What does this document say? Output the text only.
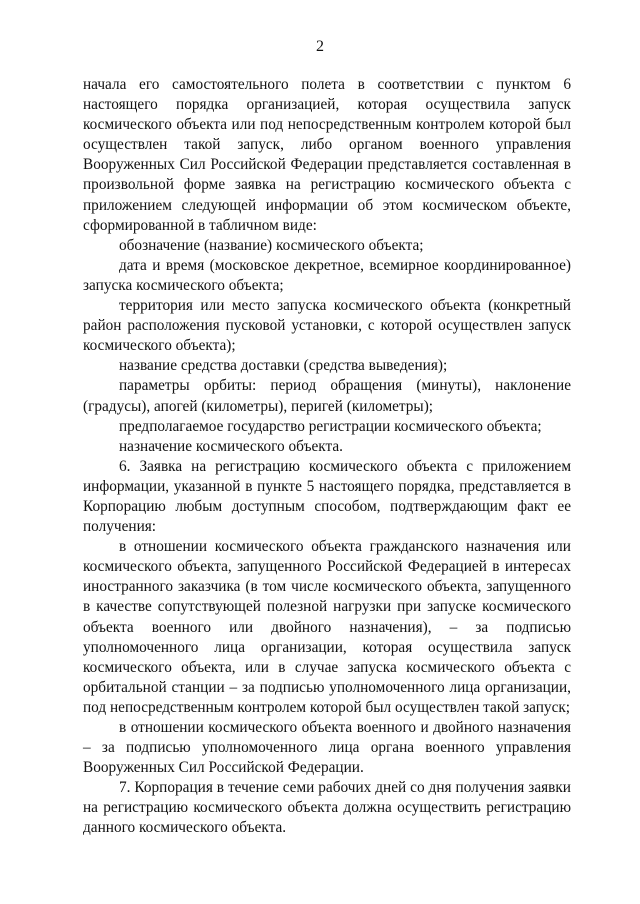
2

начала его самостоятельного полета в соответствии с пунктом 6 настоящего порядка организацией, которая осуществила запуск космического объекта или под непосредственным контролем которой был осуществлен такой запуск, либо органом военного управления Вооруженных Сил Российской Федерации представляется составленная в произвольной форме заявка на регистрацию космического объекта с приложением следующей информации об этом космическом объекте, сформированной в табличном виде:

обозначение (название) космического объекта;

дата и время (московское декретное, всемирное координированное) запуска космического объекта;

территория или место запуска космического объекта (конкретный район расположения пусковой установки, с которой осуществлен запуск космического объекта);

название средства доставки (средства выведения);

параметры орбиты: период обращения (минуты), наклонение (градусы), апогей (километры), перигей (километры);

предполагаемое государство регистрации космического объекта;

назначение космического объекта.

6. Заявка на регистрацию космического объекта с приложением информации, указанной в пункте 5 настоящего порядка, представляется в Корпорацию любым доступным способом, подтверждающим факт ее получения:

в отношении космического объекта гражданского назначения или космического объекта, запущенного Российской Федерацией в интересах иностранного заказчика (в том числе космического объекта, запущенного в качестве сопутствующей полезной нагрузки при запуске космического объекта военного или двойного назначения), – за подписью уполномоченного лица организации, которая осуществила запуск космического объекта, или в случае запуска космического объекта с орбитальной станции – за подписью уполномоченного лица организации, под непосредственным контролем которой был осуществлен такой запуск;

в отношении космического объекта военного и двойного назначения – за подписью уполномоченного лица органа военного управления Вооруженных Сил Российской Федерации.

7. Корпорация в течение семи рабочих дней со дня получения заявки на регистрацию космического объекта должна осуществить регистрацию данного космического объекта.
